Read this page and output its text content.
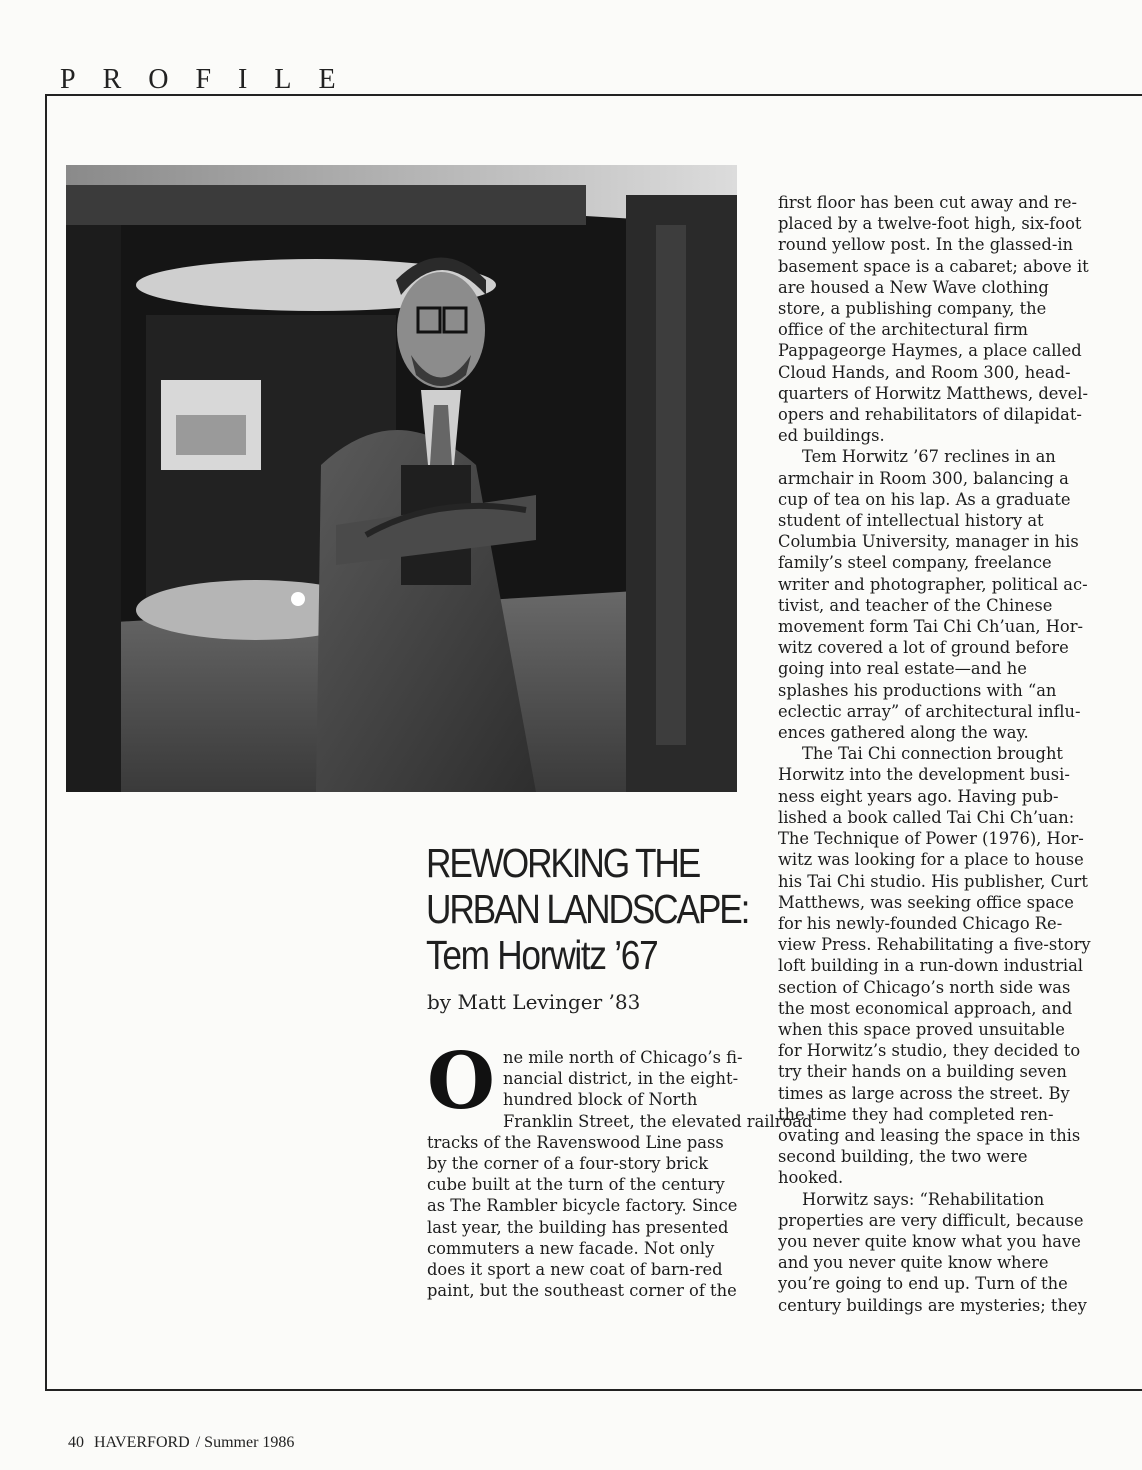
PROFILE
REWORKING THE
URBAN LANDSCAPE:
Tem Horwitz ’67
by Matt Levinger ’83
O ne mile north of Chicago’s fi-
nancial district, in the eight-
hundred block of North
Franklin Street, the elevated railroad
tracks of the Ravenswood Line pass
by the corner of a four-story brick
cube built at the turn of the century
as The Rambler bicycle factory. Since
last year, the building has presented
commuters a new facade. Not only
does it sport a new coat of barn-red
paint, but the southeast corner of the
first floor has been cut away and re-
placed by a twelve-foot high, six-foot
round yellow post. In the glassed-in
basement space is a cabaret; above it
are housed a New Wave clothing
store, a publishing company, the
office of the architectural firm
Pappageorge Haymes, a place called
Cloud Hands, and Room 300, head-
quarters of Horwitz Matthews, devel-
opers and rehabilitators of dilapidat-
ed buildings.
Tem Horwitz ’67 reclines in an
armchair in Room 300, balancing a
cup of tea on his lap. As a graduate
student of intellectual history at
Columbia University, manager in his
family’s steel company, freelance
writer and photographer, political ac-
tivist, and teacher of the Chinese
movement form Tai Chi Ch’uan, Hor-
witz covered a lot of ground before
going into real estate—and he
splashes his productions with “an
eclectic array” of architectural influ-
ences gathered along the way.
The Tai Chi connection brought
Horwitz into the development busi-
ness eight years ago. Having pub-
lished a book called Tai Chi Ch’uan:
The Technique of Power (1976), Hor-
witz was looking for a place to house
his Tai Chi studio. His publisher, Curt
Matthews, was seeking office space
for his newly-founded Chicago Re-
view Press. Rehabilitating a five-story
loft building in a run-down industrial
section of Chicago’s north side was
the most economical approach, and
when this space proved unsuitable
for Horwitz’s studio, they decided to
try their hands on a building seven
times as large across the street. By
the time they had completed ren-
ovating and leasing the space in this
second building, the two were
hooked.
Horwitz says: “Rehabilitation
properties are very difficult, because
you never quite know what you have
and you never quite know where
you’re going to end up. Turn of the
century buildings are mysteries; they
40 HAVERFORD / Summer 1986
